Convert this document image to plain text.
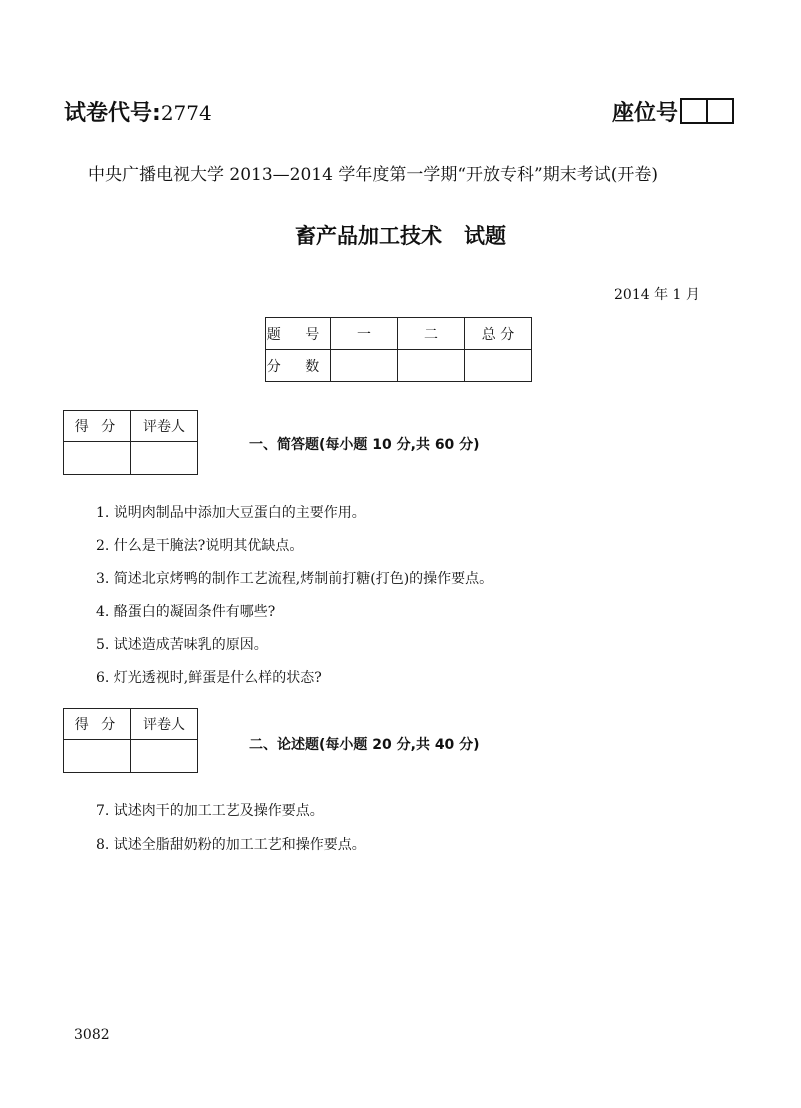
试卷代号:2774	座位号
中央广播电视大学 2013—2014 学年度第一学期“开放专科”期末考试(开卷)
畜产品加工技术 试题
2014 年 1 月
题 号	一	二	总 分
分 数			
得 分	评卷人

一、简答题(每小题 10 分,共 60 分)
1. 说明肉制品中添加大豆蛋白的主要作用。
2. 什么是干腌法?说明其优缺点。
3. 简述北京烤鸭的制作工艺流程,烤制前打糖(打色)的操作要点。
4. 酪蛋白的凝固条件有哪些?
5. 试述造成苦味乳的原因。
6. 灯光透视时,鲜蛋是什么样的状态?
得 分	评卷人

二、论述题(每小题 20 分,共 40 分)
7. 试述肉干的加工工艺及操作要点。
8. 试述全脂甜奶粉的加工工艺和操作要点。
3082
